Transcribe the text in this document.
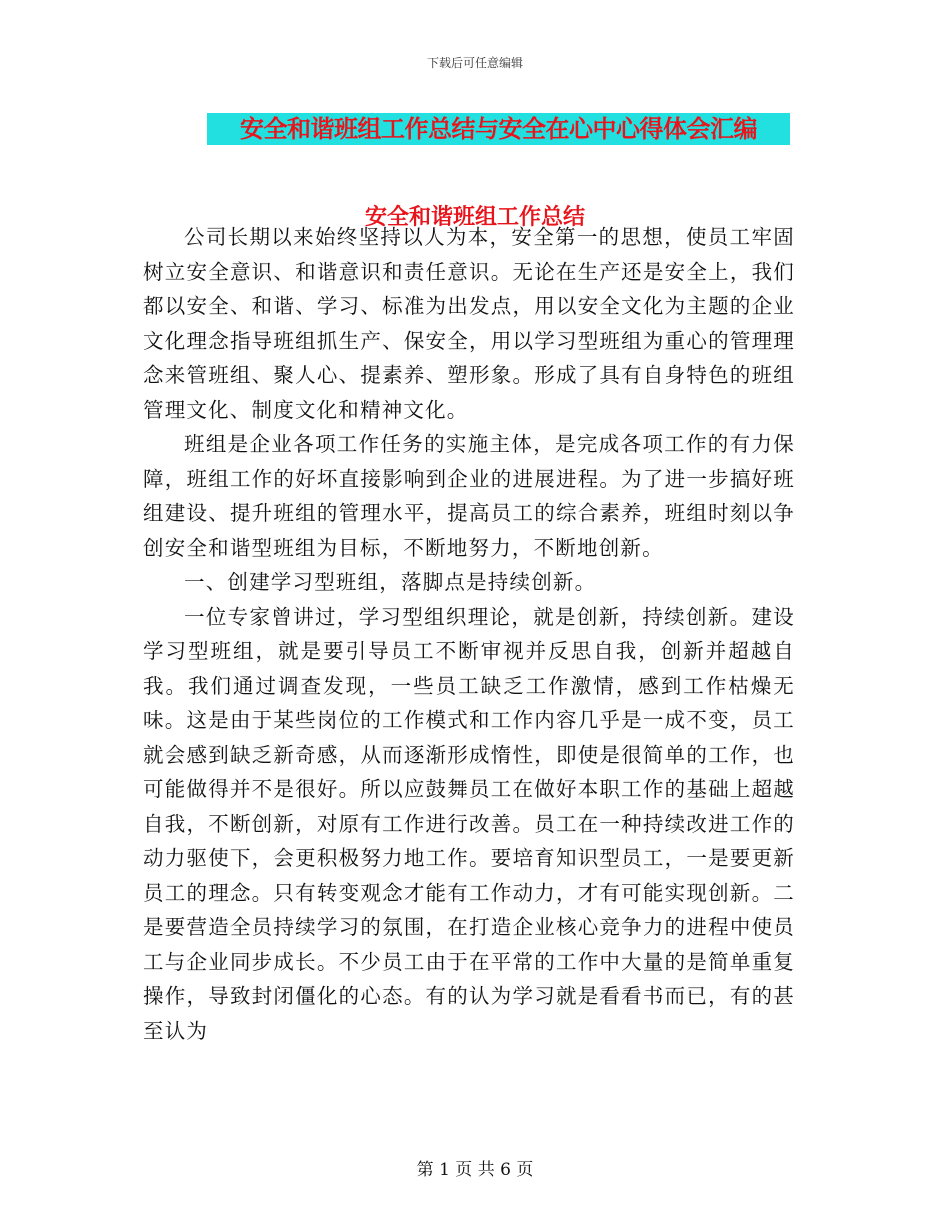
下载后可任意编辑
安全和谐班组工作总结与安全在心中心得体会汇编
安全和谐班组工作总结

公司长期以来始终坚持以人为本，安全第一的思想，使员工牢固树立安全意识、和谐意识和责任意识。无论在生产还是安全上，我们都以安全、和谐、学习、标准为出发点，用以安全文化为主题的企业文化理念指导班组抓生产、保安全，用以学习型班组为重心的管理理念来管班组、聚人心、提素养、塑形象。形成了具有自身特色的班组管理文化、制度文化和精神文化。

班组是企业各项工作任务的实施主体，是完成各项工作的有力保障，班组工作的好坏直接影响到企业的进展进程。为了进一步搞好班组建设、提升班组的管理水平，提高员工的综合素养，班组时刻以争创安全和谐型班组为目标，不断地努力，不断地创新。

一、创建学习型班组，落脚点是持续创新。

一位专家曾讲过，学习型组织理论，就是创新，持续创新。建设学习型班组，就是要引导员工不断审视并反思自我，创新并超越自我。我们通过调查发现，一些员工缺乏工作激情，感到工作枯燥无味。这是由于某些岗位的工作模式和工作内容几乎是一成不变，员工就会感到缺乏新奇感，从而逐渐形成惰性，即使是很简单的工作，也可能做得并不是很好。所以应鼓舞员工在做好本职工作的基础上超越自我，不断创新，对原有工作进行改善。员工在一种持续改进工作的动力驱使下，会更积极努力地工作。要培育知识型员工，一是要更新员工的理念。只有转变观念才能有工作动力，才有可能实现创新。二是要营造全员持续学习的氛围，在打造企业核心竞争力的进程中使员工与企业同步成长。不少员工由于在平常的工作中大量的是简单重复操作，导致封闭僵化的心态。有的认为学习就是看看书而已，有的甚至认为

第 1 页 共 6 页
